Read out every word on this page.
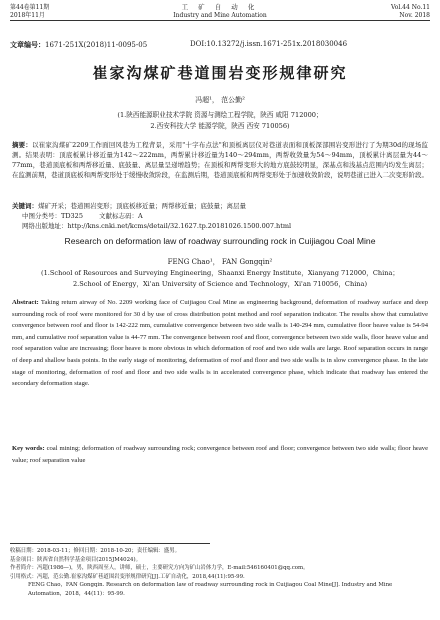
第44卷第11期
2018年11月
工 矿 自 动 化
Industry and Mine Automation
Vol.44 No.11
Nov. 2018
文章编号：1671-251X(2018)11-0095-05	DOI:10.13272/j.issn.1671-251x.2018030046
崔家沟煤矿巷道围岩变形规律研究
冯超¹， 范公勤²
(1.陕西能源职业技术学院 资源与测绘工程学院，陕西 咸阳 712000；
2.西安科技大学 能源学院，陕西 西安 710056)
摘要：以崔家沟煤矿2209工作面回风巷为工程背景，采用"十字布点法"和顶板离层仪对巷道表面和顶板深部围岩变形进行了为期30d的现场监测。结果表明：顶底板累计移近量为142～222mm，两帮累计移近量为140～294mm，两帮收敛量为54～94mm，顶板累计离层量为44～77mm，巷道顶底板和两帮移近量、底鼓量、离层量呈递增趋势；在顶板和两帮变形大的地方底鼓较明显，深基点和浅基点范围内均发生离层；在监测前期，巷道顶底板和两帮变形处于缓慢收敛阶段，在监测后期，巷道顶底板和两帮变形处于加速收敛阶段，说明巷道已进入二次变形阶段。
关键词：煤矿开采；巷道围岩变形；顶底板移近量；两帮移近量；底鼓量；离层量
中图分类号：TD325 文献标志码：A
网络出版地址：http://kns.cnki.net/kcms/detail/32.1627.tp.20181026.1500.007.html
Research on deformation law of roadway surrounding rock in Cuijiagou Coal Mine
FENG Chao¹， FAN Gongqin²
(1.School of Resources and Surveying Engineering，Shaanxi Energy Institute，Xianyang 712000，China；
2.School of Energy，Xi'an University of Science and Technology，Xi'an 710056，China)
Abstract: Taking return airway of No. 2209 working face of Cuijiagou Coal Mine as engineering background, deformation of roadway surface and deep surrounding rock of roof were monitored for 30 d by use of cross distribution point method and roof separation indicator. The results show that cumulative convergence between roof and floor is 142-222 mm, cumulative convergence between two side walls is 140-294 mm, cumulative floor heave value is 54-94 mm, and cumulative roof separation value is 44-77 mm. The convergence between roof and floor, convergence between two side walls, floor heave value and roof separation value are increasing; floor heave is more obvious in which deformation of roof and two side walls are large. Roof separation occurs in range of deep and shallow basis points. In the early stage of monitoring, deformation of roof and floor and two side walls is in slow convergence phase. In the late stage of monitoring, deformation of roof and floor and two side walls is in accelerated convergence phase, which indicate that roadway has entered the secondary deformation stage.
Key words: coal mining; deformation of roadway surrounding rock; convergence between roof and floor; convergence between two side walls; floor heave value; roof separation value
收稿日期：2018-03-11；修回日期：2018-10-20；责任编辑：盛男。
基金项目：陕西省自然科学基金项目(2015JM4024)。
作者简介：冯超(1986—)，男，陕西周至人，讲师，硕士，主要研究方向为矿山岩体力学，E-mail:546160401@qq.com。
引用格式：冯超，范公勤.崔家沟煤矿巷道围岩变形规律研究[J].工矿自动化，2018,44(11):95-99.
FENG Chao，FAN Gongqin. Research on deformation law of roadway surrounding rock in Cuijiagou Coal Mine[J]. Industry and Mine Automation，2018，44(11)：95-99.
